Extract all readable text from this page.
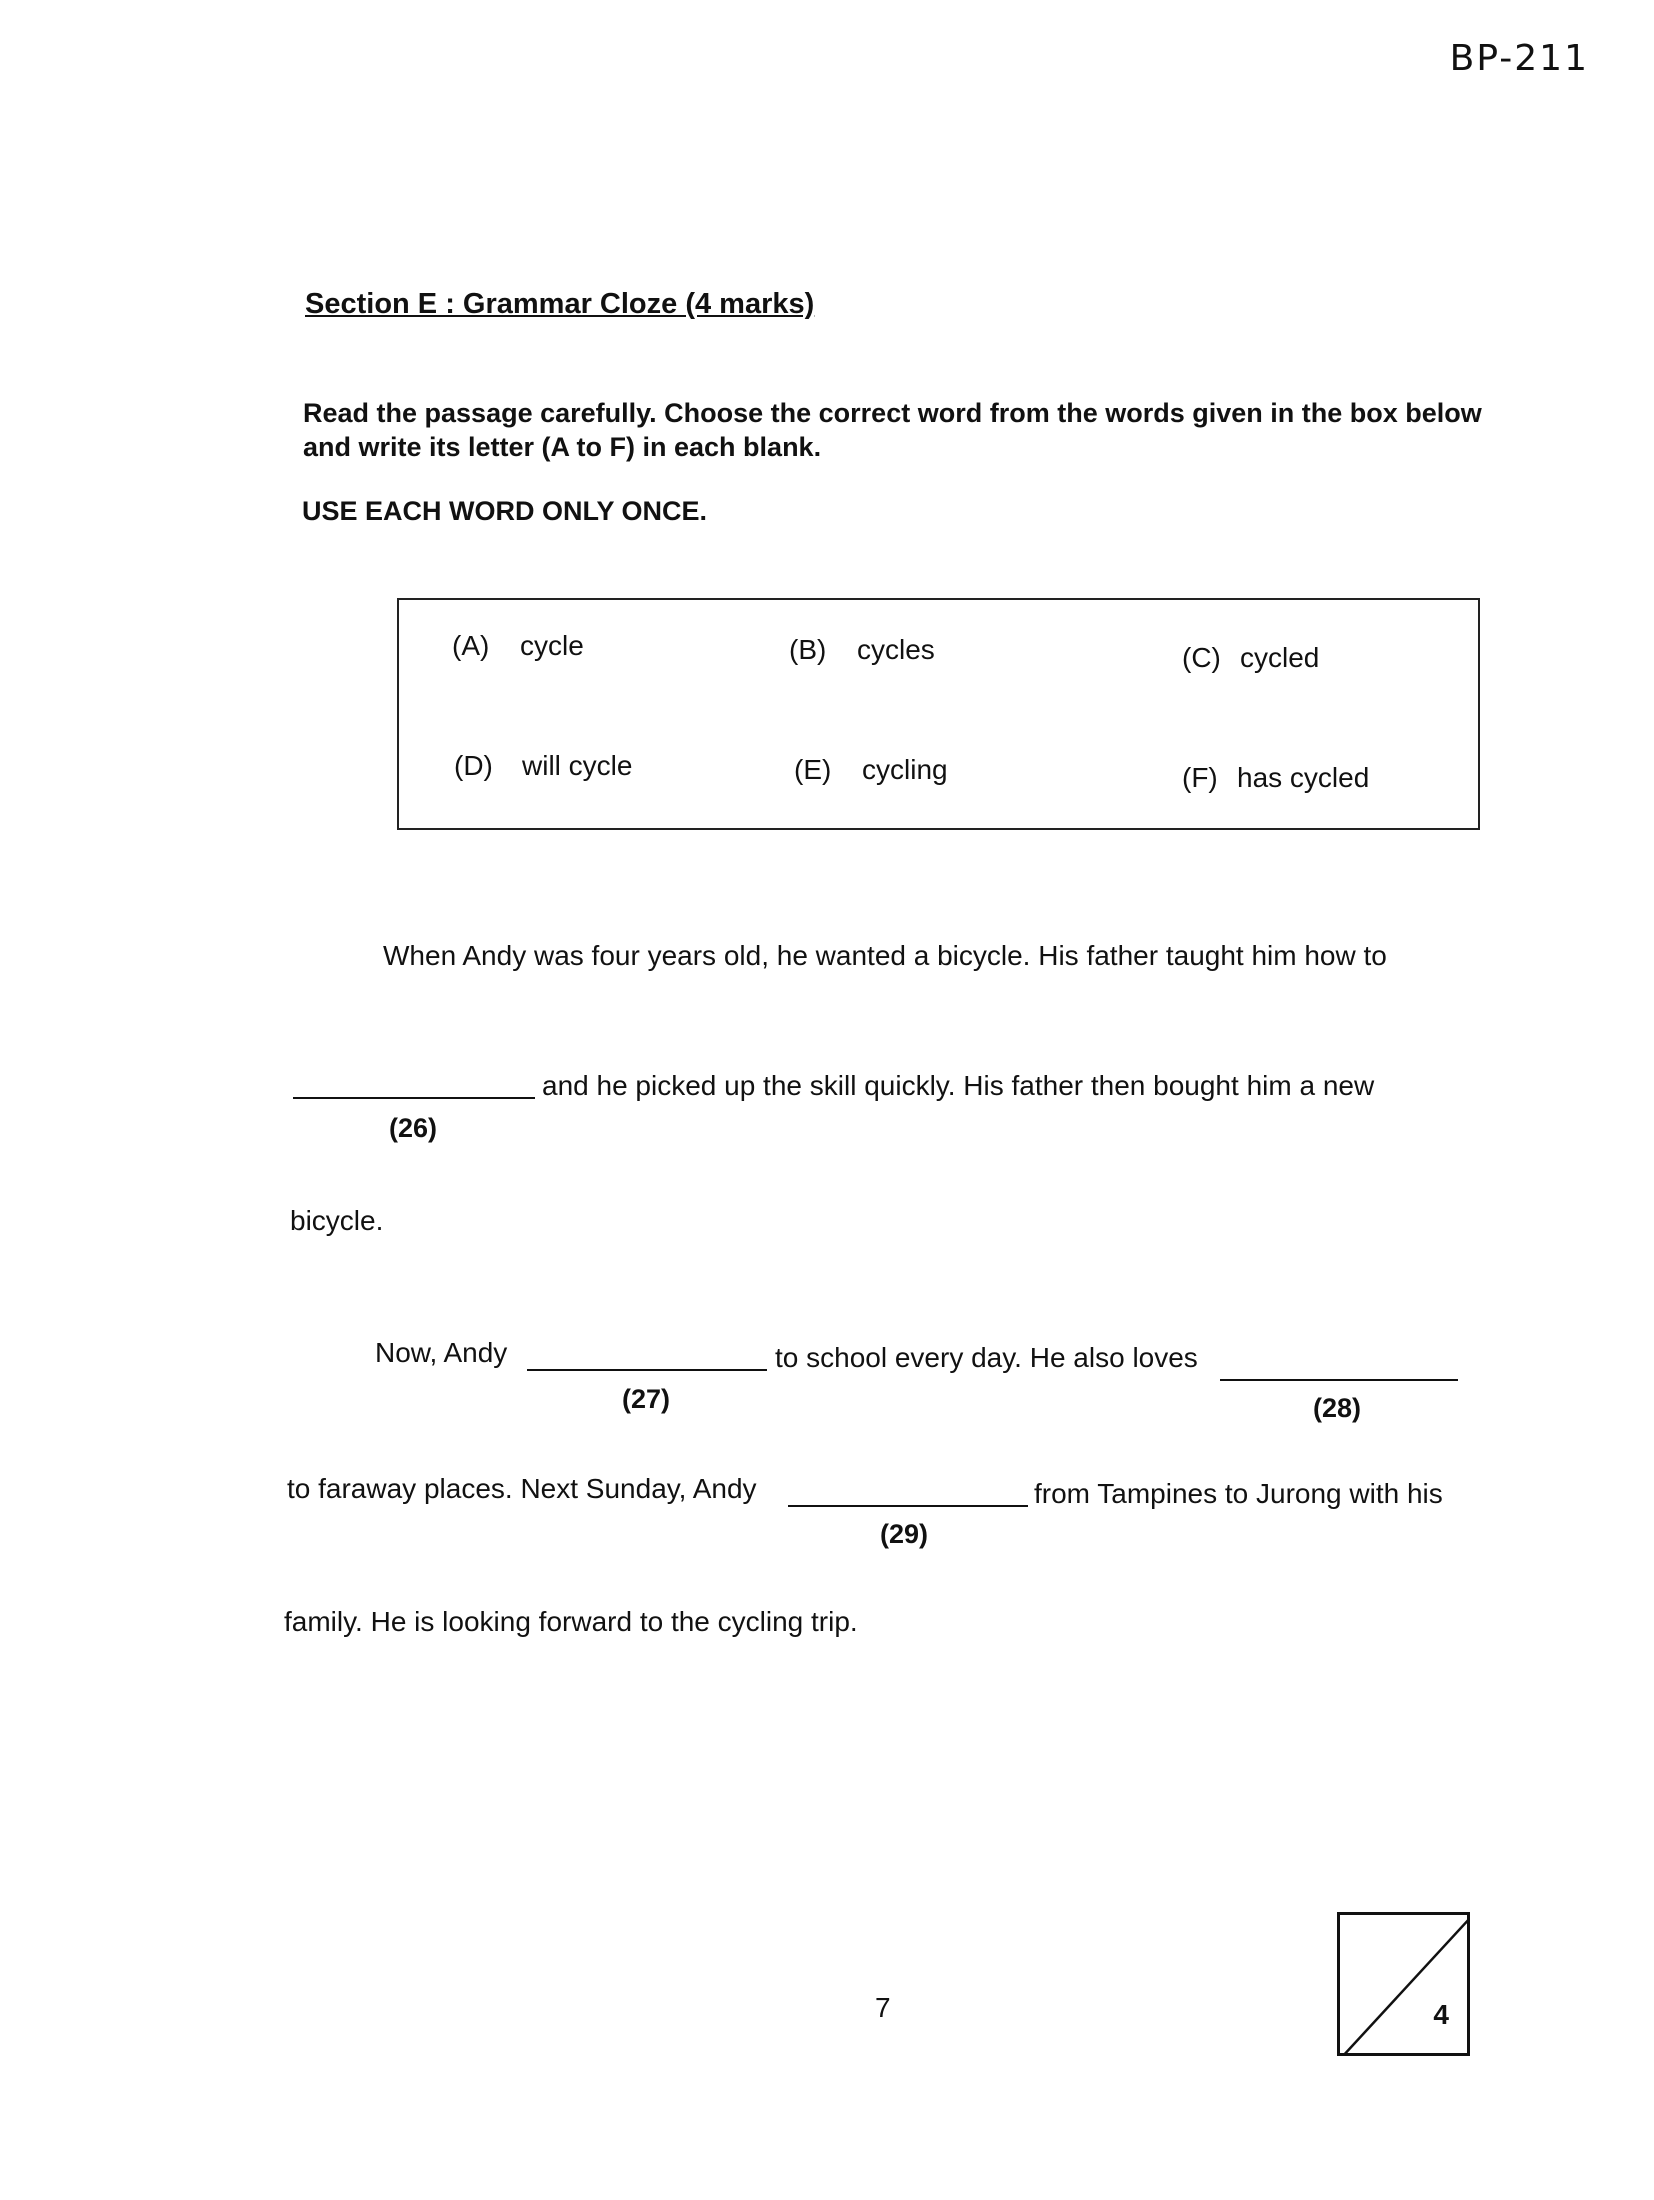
BP-211
Section E : Grammar Cloze (4 marks)
Read the passage carefully. Choose the correct word from the words given in the box below and write its letter (A to F) in each blank.
USE EACH WORD ONLY ONCE.
(A) cycle	(B) cycles	(C) cycled
(D) will cycle	(E) cycling	(F) has cycled
When Andy was four years old, he wanted a bicycle. His father taught him how to
(26)
and he picked up the skill quickly. His father then bought him a new
bicycle.
Now, Andy
(27)
to school every day. He also loves
(28)
to faraway places. Next Sunday, Andy
(29)
from Tampines to Jurong with his
family. He is looking forward to the cycling trip.
7	4
